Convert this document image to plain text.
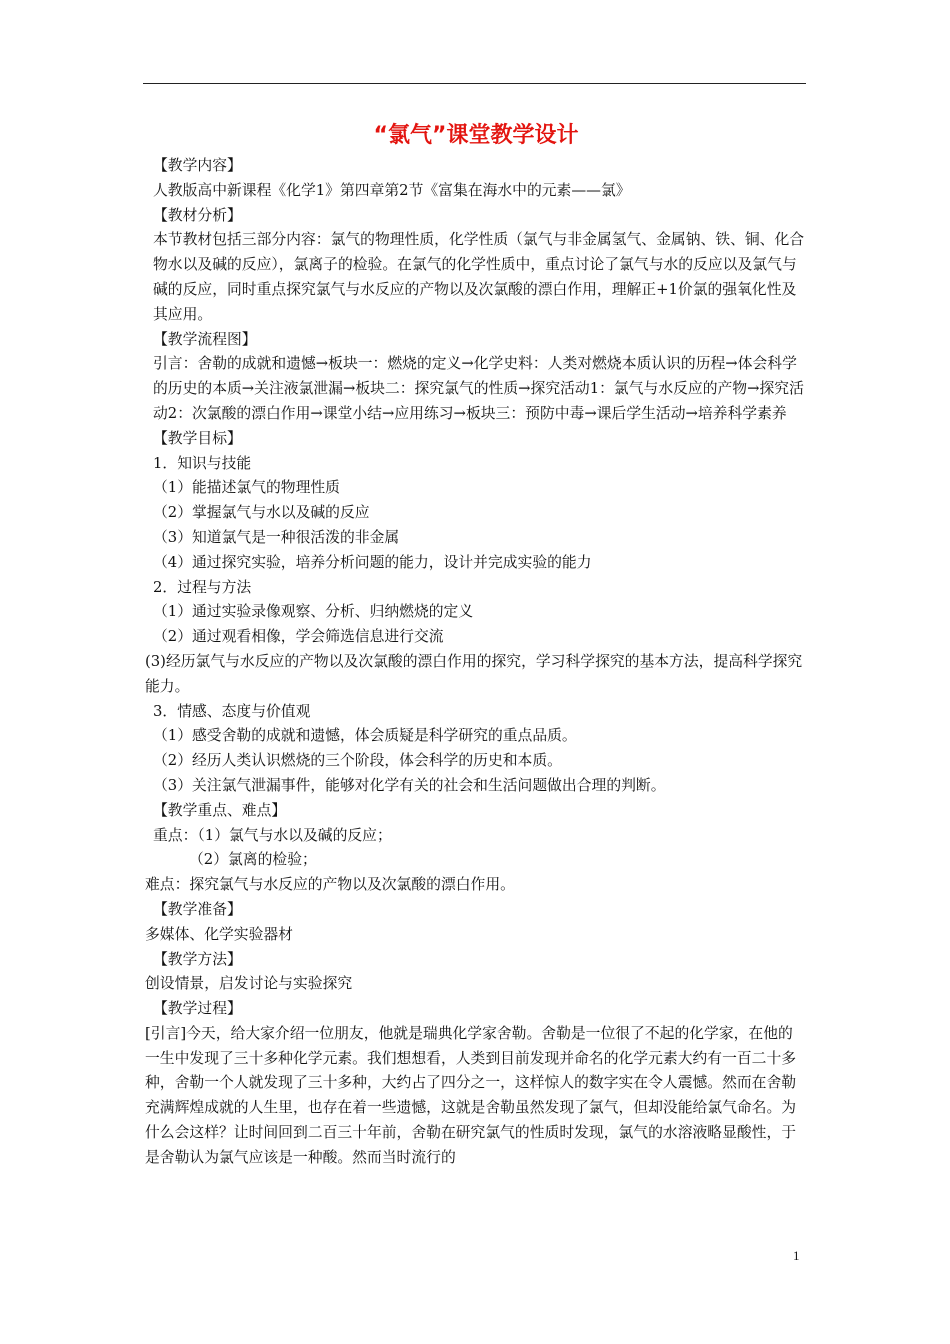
“氯气”课堂教学设计

【教学内容】

人教版高中新课程《化学1》第四章第2节《富集在海水中的元素——氯》

【教材分析】

本节教材包括三部分内容：氯气的物理性质，化学性质（氯气与非金属氢气、金属钠、铁、铜、化合物水以及碱的反应），氯离子的检验。在氯气的化学性质中，重点讨论了氯气与水的反应以及氯气与碱的反应，同时重点探究氯气与水反应的产物以及次氯酸的漂白作用，理解正+1价氯的强氧化性及其应用。

【教学流程图】

引言：舍勒的成就和遗憾→板块一：燃烧的定义→化学史料：人类对燃烧本质认识的历程→体会科学的历史的本质→关注液氯泄漏→板块二：探究氯气的性质→探究活动1：氯气与水反应的产物→探究活动2：次氯酸的漂白作用→课堂小结→应用练习→板块三：预防中毒→课后学生活动→培养科学素养

【教学目标】

1．知识与技能

（1）能描述氯气的物理性质

（2）掌握氯气与水以及碱的反应

（3）知道氯气是一种很活泼的非金属

（4）通过探究实验，培养分析问题的能力，设计并完成实验的能力

2．过程与方法

（1）通过实验录像观察、分析、归纳燃烧的定义

（2）通过观看相像，学会筛选信息进行交流

(3)经历氯气与水反应的产物以及次氯酸的漂白作用的探究，学习科学探究的基本方法，提高科学探究能力。

3．情感、态度与价值观

（1）感受舍勒的成就和遗憾，体会质疑是科学研究的重点品质。

（2）经历人类认识燃烧的三个阶段，体会科学的历史和本质。

（3）关注氯气泄漏事件，能够对化学有关的社会和生活问题做出合理的判断。

【教学重点、难点】

重点：（1）氯气与水以及碱的反应；

（2）氯离的检验；

难点：探究氯气与水反应的产物以及次氯酸的漂白作用。

【教学准备】

多媒体、化学实验器材

【教学方法】

创设情景，启发讨论与实验探究

【教学过程】

[引言]今天，给大家介绍一位朋友，他就是瑞典化学家舍勒。舍勒是一位很了不起的化学家，在他的一生中发现了三十多种化学元素。我们想想看，人类到目前发现并命名的化学元素大约有一百二十多种，舍勒一个人就发现了三十多种，大约占了四分之一，这样惊人的数字实在令人震憾。然而在舍勒充满辉煌成就的人生里，也存在着一些遗憾，这就是舍勒虽然发现了氯气，但却没能给氯气命名。为什么会这样？让时间回到二百三十年前，舍勒在研究氯气的性质时发现，氯气的水溶液略显酸性，于是舍勒认为氯气应该是一种酸。然而当时流行的

1
